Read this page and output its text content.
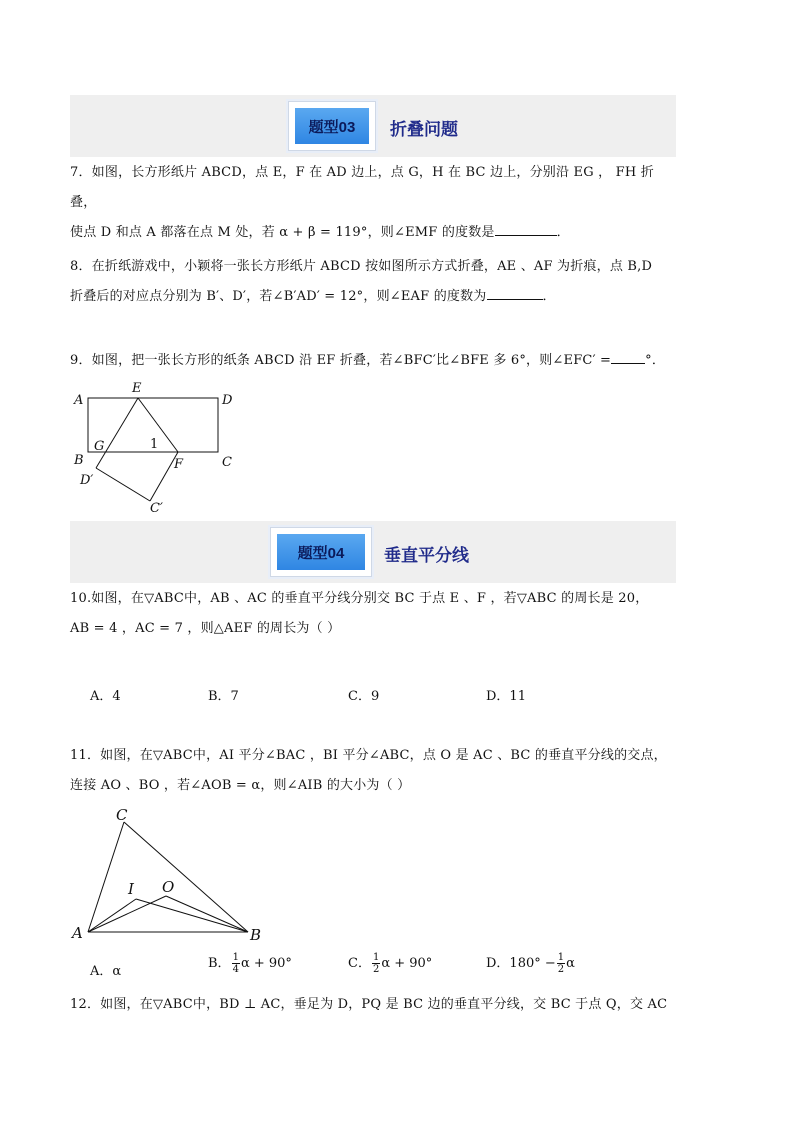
题型03	折叠问题
7．如图，长方形纸片 ABCD，点 E，F 在 AD 边上，点 G，H 在 BC 边上，分别沿 EG ， FH 折叠，
使点 D 和点 A 都落在点 M 处，若 α + β = 119°，则∠EMF 的度数是	．
8．在折纸游戏中，小颖将一张长方形纸片 ABCD 按如图所示方式折叠，AE 、AF 为折痕，点 B,D
折叠后的对应点分别为 B′、D′，若∠B′AD′ = 12°，则∠EAF 的度数为	．
9．如图，把一张长方形的纸条 ABCD 沿 EF 折叠，若∠BFC′比∠BFE 多 6°，则∠EFC′ =	°．
A
E
D
G	1
B	F	C
D′
C′
题型04	垂直平分线
10.如图，在▽ABC中，AB 、AC 的垂直平分线分别交 BC 于点 E 、F ，若▽ABC 的周长是 20，
AB = 4 ，AC = 7 ，则△AEF 的周长为（ ）
A．4	B．7	C．9	D．11
11．如图，在▽ABC中，AI 平分∠BAC ，BI 平分∠ABC，点 O 是 AC 、BC 的垂直平分线的交点，
连接 AO 、BO ，若∠AOB = α，则∠AIB 的大小为（ ）
C
I O
A	B
A．α
B． $\frac{1}{4}$ α + 90°	C． $\frac{1}{2}$ α + 90°	D．$180^\circ - \frac{1}{2}$ α
12．如图，在▽ABC中，BD ⊥ AC，垂足为 D，PQ 是 BC 边的垂直平分线，交 BC 于点 Q，交 AC
